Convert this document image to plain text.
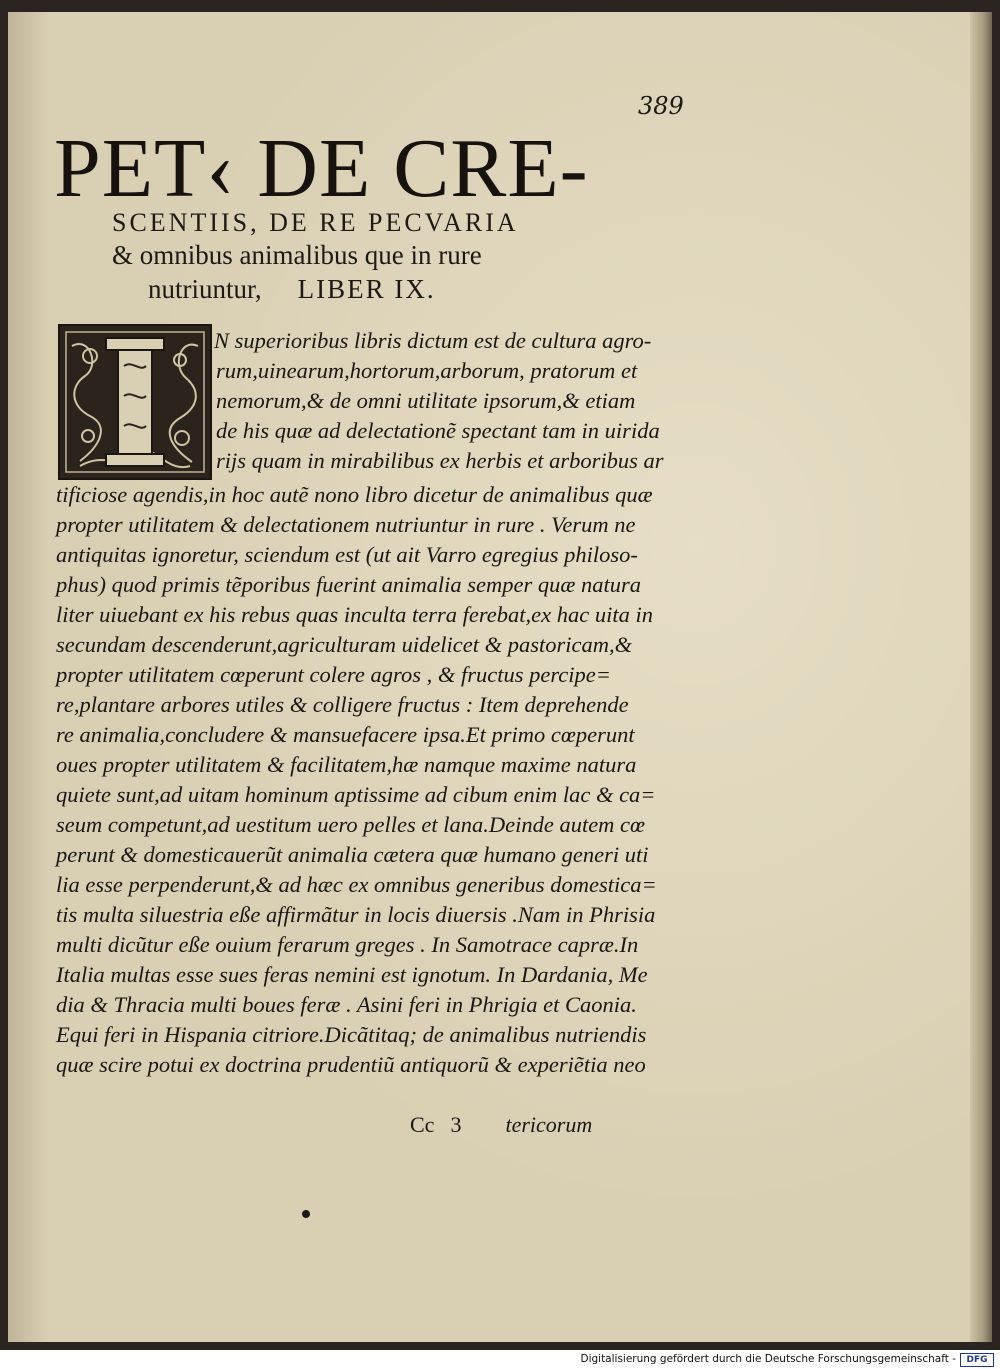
389
PET‹ DE CRE-
SCENTIIS, DE RE PECVARIA
& omnibus animalibus que in rure
nutriuntur, LIBER IX.
N superioribus libris dictum est de cultura agro-
rum,uinearum,hortorum,arborum, pratorum et
nemorum,& de omni utilitate ipsorum,& etiam
de his quæ ad delectationẽ spectant tam in uirida
rijs quam in mirabilibus ex herbis et arboribus ar
tificiose agendis,in hoc autẽ nono libro dicetur de animalibus quæ
propter utilitatem & delectationem nutriuntur in rure . Verum ne
antiquitas ignoretur, sciendum est (ut ait Varro egregius philoso-
phus) quod primis tẽporibus fuerint animalia semper quæ natura
liter uiuebant ex his rebus quas inculta terra ferebat,ex hac uita in
secundam descenderunt,agriculturam uidelicet & pastoricam,&
propter utilitatem cœperunt colere agros , & fructus percipe=
re,plantare arbores utiles & colligere fructus : Item deprehende
re animalia,concludere & mansuefacere ipsa.Et primo cœperunt
oues propter utilitatem & facilitatem,hæ namque maxime natura
quiete sunt,ad uitam hominum aptissime ad cibum enim lac & ca=
seum competunt,ad uestitum uero pelles et lana.Deinde autem cœ
perunt & domesticauerũt animalia cætera quæ humano generi uti
lia esse perpenderunt,& ad hæc ex omnibus generibus domestica=
tis multa siluestria eße affirmãtur in locis diuersis .Nam in Phrisia
multi dicũtur eße ouium ferarum greges . In Samotrace capræ.In
Italia multas esse sues feras nemini est ignotum. In Dardania, Me
dia & Thracia multi boues feræ . Asini feri in Phrigia et Caonia.
Equi feri in Hispania citriore.Dicãtitaq; de animalibus nutriendis
quæ scire potui ex doctrina prudentiũ antiquorũ & experiẽtia neo
Cc 3 tericorum
Digitalisierung gefördert durch die Deutsche Forschungsgemeinschaft -	DFG
